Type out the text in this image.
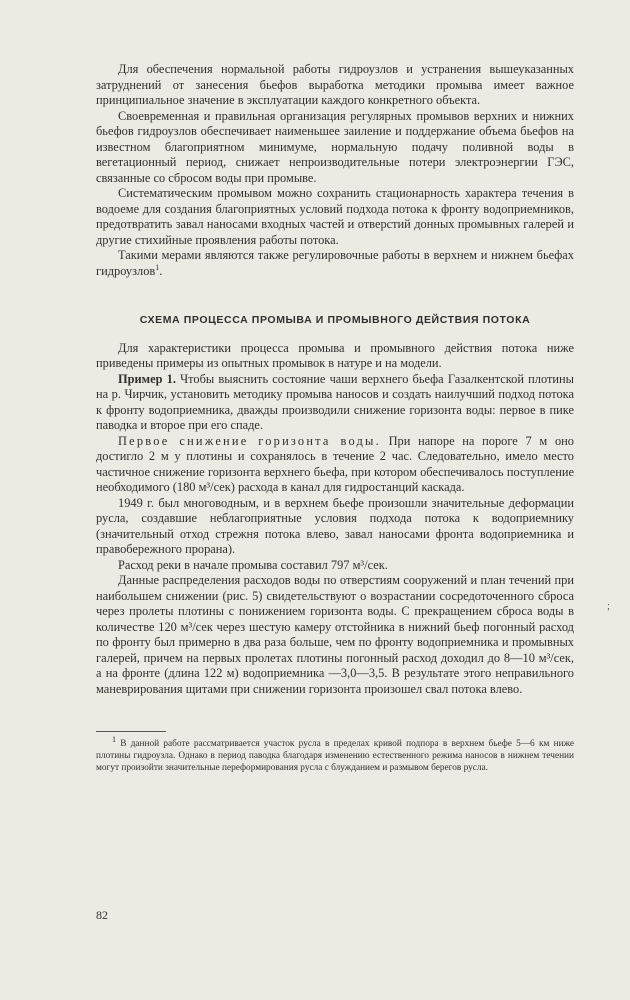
Для обеспечения нормальной работы гидроузлов и устранения вышеуказанных затруднений от занесения бьефов выработка методики промыва имеет важное принципиальное значение в эксплуатации каждого конкретного объекта.

Своевременная и правильная организация регулярных промывов верхних и нижних бьефов гидроузлов обеспечивает наименьшее заиление и поддержание объема бьефов на известном благоприятном минимуме, нормальную подачу поливной воды в вегетационный период, снижает непроизводительные потери электроэнергии ГЭС, связанные со сбросом воды при промыве.

Систематическим промывом можно сохранить стационарность характера течения в водоеме для создания благоприятных условий подхода потока к фронту водоприемников, предотвратить завал наносами входных частей и отверстий донных промывных галерей и другие стихийные проявления работы потока.

Такими мерами являются также регулировочные работы в верхнем и нижнем бьефах гидроузлов$^1$.

СХЕМА ПРОЦЕССА ПРОМЫВА И ПРОМЫВНОГО ДЕЙСТВИЯ ПОТОКА

Для характеристики процесса промыва и промывного действия потока ниже приведены примеры из опытных промывок в натуре и на модели.

Пример 1. Чтобы выяснить состояние чаши верхнего бьефа Газалкентской плотины на р. Чирчик, установить методику промыва наносов и создать наилучший подход потока к фронту водоприемника, дважды производили снижение горизонта воды: первое в пике паводка и второе при его спаде.

Первое снижение горизонта воды. При напоре на пороге 7 м оно достигло 2 м у плотины и сохранялось в течение 2 час. Следовательно, имело место частичное снижение горизонта верхнего бьефа, при котором обеспечивалось поступление необходимого (180 м³/сек) расхода в канал для гидростанций каскада.

1949 г. был многоводным, и в верхнем бьефе произошли значительные деформации русла, создавшие неблагоприятные условия подхода потока к водоприемнику (значительный отход стрежня потока влево, завал наносами фронта водоприемника и правобережного прорана).

Расход реки в начале промыва составил 797 м³/сек.

Данные распределения расходов воды по отверстиям сооружений и план течений при наибольшем снижении (рис. 5) свидетельствуют о возрастании сосредоточенного сброса через пролеты плотины с понижением горизонта воды. С прекращением сброса воды в количестве 120 м³/сек через шестую камеру отстойника в нижний бьеф погонный расход по фронту был примерно в два раза больше, чем по фронту водоприемника и промывных галерей, причем на первых пролетах плотины погонный расход доходил до 8—10 м³/сек, а на фронте (длина 122 м) водоприемника —3,0—3,5. В результате этого неправильного маневрирования щитами при снижении горизонта произошел свал потока влево.

$^1$ В данной работе рассматривается участок русла в пределах кривой подпора в верхнем бьефе 5—6 км ниже плотины гидроузла. Однако в период паводка благодаря изменению естественного режима наносов в нижнем течении могут произойти значительные переформирования русла с блужданием и размывом берегов русла.

;
82
